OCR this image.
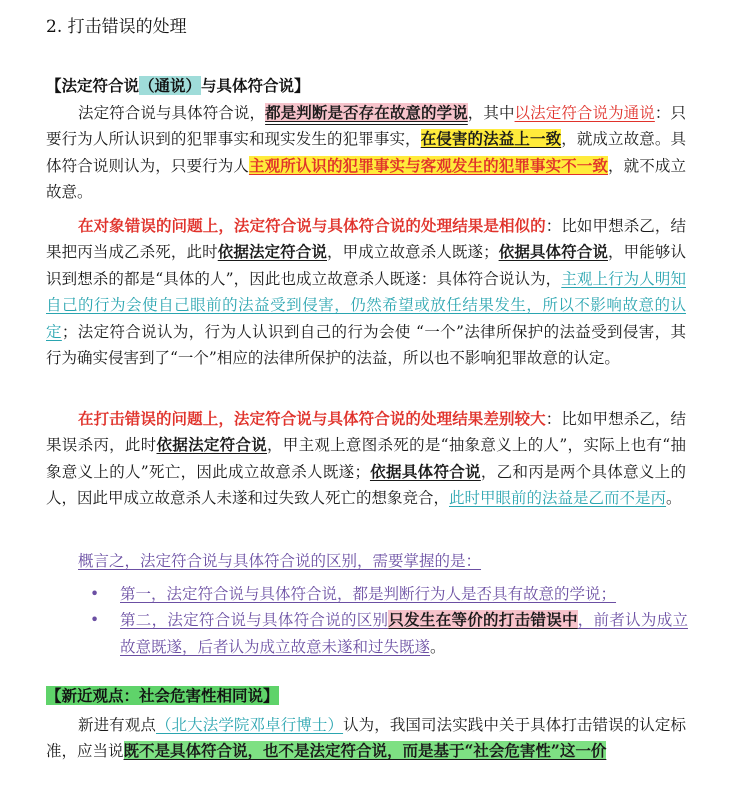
2. 打击错误的处理
【法定符合说（通说）与具体符合说】

法定符合说与具体符合说，都是判断是否存在故意的学说，其中以法定符合说为通说：只要行为人所认识到的犯罪事实和现实发生的犯罪事实，在侵害的法益上一致，就成立故意。具体符合说则认为，只要行为人主观所认识的犯罪事实与客观发生的犯罪事实不一致，就不成立故意。

在对象错误的问题上，法定符合说与具体符合说的处理结果是相似的：比如甲想杀乙，结果把丙当成乙杀死，此时依据法定符合说，甲成立故意杀人既遂；依据具体符合说，甲能够认识到想杀的都是“具体的人”，因此也成立故意杀人既遂：具体符合说认为，主观上行为人明知自己的行为会使自己眼前的法益受到侵害，仍然希望或放任结果发生，所以不影响故意的认定；法定符合说认为，行为人认识到自己的行为会使 “一个”法律所保护的法益受到侵害，其行为确实侵害到了“一个”相应的法律所保护的法益，所以也不影响犯罪故意的认定。

在打击错误的问题上，法定符合说与具体符合说的处理结果差别较大：比如甲想杀乙，结果误杀丙，此时依据法定符合说，甲主观上意图杀死的是“抽象意义上的人”，实际上也有“抽象意义上的人”死亡，因此成立故意杀人既遂；依据具体符合说，乙和丙是两个具体意义上的人，因此甲成立故意杀人未遂和过失致人死亡的想象竞合，此时甲眼前的法益是乙而不是丙。

概言之，法定符合说与具体符合说的区别，需要掌握的是：

• 第一，法定符合说与具体符合说，都是判断行为人是否具有故意的学说；
• 第二，法定符合说与具体符合说的区别只发生在等价的打击错误中，前者认为成立故意既遂，后者认为成立故意未遂和过失既遂。
【新近观点：社会危害性相同说】

新进有观点（北大法学院邓卓行博士）认为，我国司法实践中关于具体打击错误的认定标准，应当说既不是具体符合说，也不是法定符合说，而是基于“社会危害性”这一价
